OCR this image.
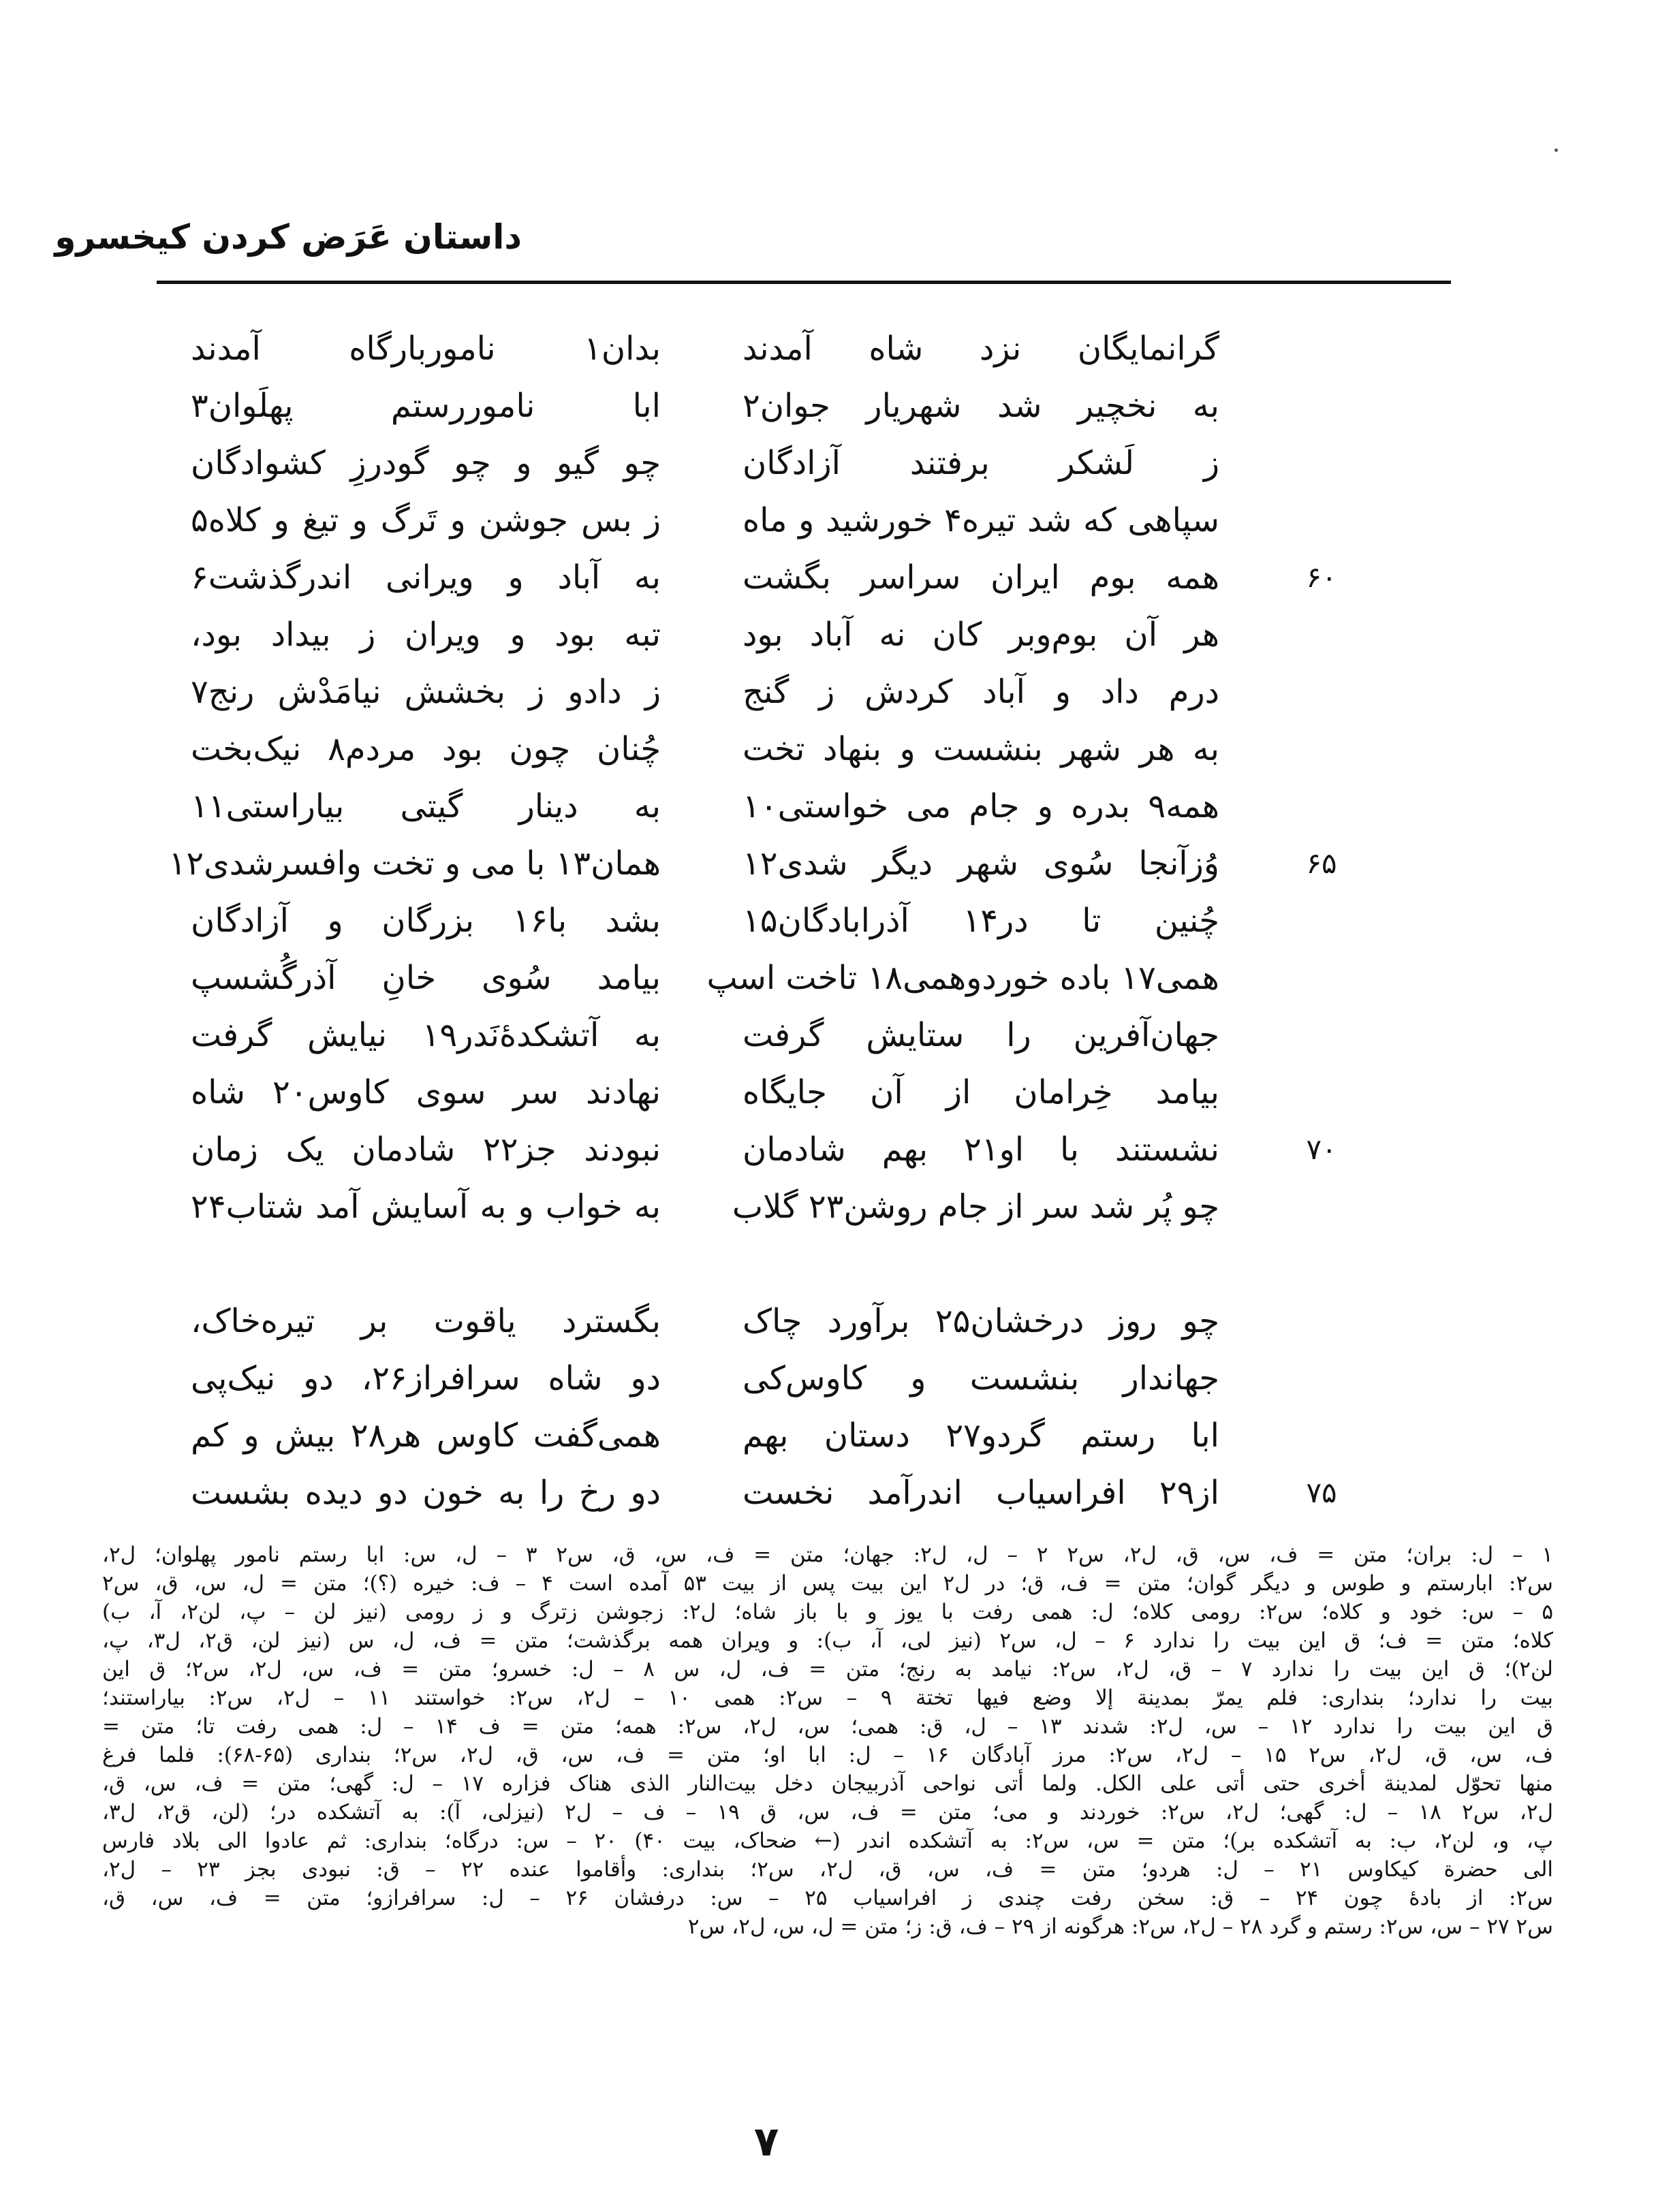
داستان عَرَض کردن کیخسرو
گرانمایگان نزد شاه آمدند
به نخچیر شد شهریار جوان۲
ز لَشکر برفتند آزادگان
سپاهی که شد تیره۴ خورشید و ماه
همه بوم ایران سراسر بگشت
هر آن بوم‌وبر کان نه آباد بود
درم داد و آباد کردش ز گنج
به هر شهر بنشست و بنهاد تخت
همه۹ بدره و جام می خواستی۱۰
وُزآنجا سُوی شهر دیگر شدی۱۲
چُنین تا در۱۴ آذرابادگان۱۵
همی۱۷ باده خوردوهمی۱۸ تاخت اسپ
جهان‌آفرین را ستایش گرفت
بیامد خِرامان از آن جایگاه
نشستند با او۲۱ بهم شادمان
چو پُر شد سر از جام روشن۲۳ گلاب
بدان۱ ناموربارگاه آمدند
ابا ناموررستم پهلَوان۳
چو گیو و چو گودرزِ کشوادگان
ز بس جوشن و تَرگ و تیغ و کلاه۵
به آباد و ویرانی اندرگذشت۶
تبه بود و ویران ز بیداد بود،
ز دادو ز بخشش نیامَدْش رنج۷
چُنان چون بود مردم۸ نیک‌بخت
به دینار گیتی بیاراستی۱۱
همان۱۳ با می و تخت وافسرشدی۱۲
بشد با۱۶ بزرگان و آزادگان
بیامد سُوی خانِ آذرگُشسپ
به آتشکدهٔ‌نَدر۱۹ نیایش گرفت
نهادند سر سوی کاوس۲۰ شاه
نبودند جز۲۲ شادمان یک زمان
به خواب و به آسایش آمد شتاب۲۴
۶۰
۶۵
۷۰
چو روز درخشان۲۵ برآورد چاک
جهاندار بنشست و کاوس‌کی
ابا رستم گردو۲۷ دستان بهم
از۲۹ افراسیاب اندرآمد نخست
بگسترد یاقوت بر تیره‌خاک،
دو شاه سرافراز۲۶، دو نیک‌پی
همی‌گفت کاوس هر۲۸ بیش و کم
دو رخ را به خون دو دیده بشست	۷۵
۱ – ل: بران؛ متن = ف، س، ق، ل۲، س۲ ۲ – ل، ل۲: جهان؛ متن = ف، س، ق، س۲ ۳ – ل، س: ابا رستم نامور پهلوان؛ ل۲،
س۲: ابارستم و طوس و دیگر گوان؛ متن = ف، ق؛ در ل۲ این بیت پس از بیت ۵۳ آمده است ۴ – ف: خیره (؟)؛ متن = ل، س، ق، س۲
۵ – س: خود و کلاه؛ س۲: رومی کلاه؛ ل: همی رفت با یوز و با باز شاه؛ ل۲: زجوشن زترگ و ز رومی (نیز لن – پ، لن۲، آ، ب)
کلاه؛ متن = ف؛ ق این بیت را ندارد ۶ – ل، س۲ (نیز لی، آ، ب): و ویران همه برگذشت؛ متن = ف، ل، س (نیز لن، ق۲، ل۳، پ،
لن۲)؛ ق این بیت را ندارد ۷ – ق، ل۲، س۲: نیامد به رنج؛ متن = ف، ل، س ۸ – ل: خسرو؛ متن = ف، س، ل۲، س۲؛ ق این
بیت را ندارد؛ بنداری: فلم یمرّ بمدینة إلا وضع فیها تختة ۹ – س۲: همی ۱۰ – ل۲، س۲: خواستند ۱۱ – ل۲، س۲: بیاراستند؛
ق این بیت را ندارد ۱۲ – س، ل۲: شدند ۱۳ – ل، ق: همی؛ س، ل۲، س۲: همه؛ متن = ف ۱۴ – ل: همی رفت تا؛ متن =
ف، س، ق، ل۲، س۲ ۱۵ – ل۲، س۲: مرز آبادگان ۱۶ – ل: ابا او؛ متن = ف، س، ق، ل۲، س۲؛ بنداری (۶۵-۶۸): فلما فرغ
منها تحوّل لمدینة أخری حتی أتی علی الکل. ولما أتی نواحی آذربیجان دخل بیت‌النار الذی هناک فزاره ۱۷ – ل: گهی؛ متن = ف، س، ق،
ل۲، س۲ ۱۸ – ل: گهی؛ ل۲، س۲: خوردند و می؛ متن = ف، س، ق ۱۹ – ف – ل۲ (نیزلی، آ): به آتشکده در؛ (لن، ق۲، ل۳،
پ، و، لن۲، ب: به آتشکده بر)؛ متن = س، س۲: به آتشکده اندر (← ضحاک، بیت ۴۰) ۲۰ – س: درگاه؛ بنداری: ثم عادوا الی بلاد فارس
الی حضرة کیکاوس ۲۱ – ل: هردو؛ متن = ف، س، ق، ل۲، س۲؛ بنداری: وأقاموا عنده ۲۲ – ق: نبودی بجز ۲۳ – ل۲،
س۲: از بادهٔ چون ۲۴ – ق: سخن رفت چندی ز افراسیاب ۲۵ – س: درفشان ۲۶ – ل: سرافرازو؛ متن = ف، س، ق،
س۲ ۲۷ – س، س۲: رستم و گرد ۲۸ – ل۲، س۲: هرگونه از ۲۹ – ف، ق: ز؛ متن = ل، س، ل۲، س۲
۷
